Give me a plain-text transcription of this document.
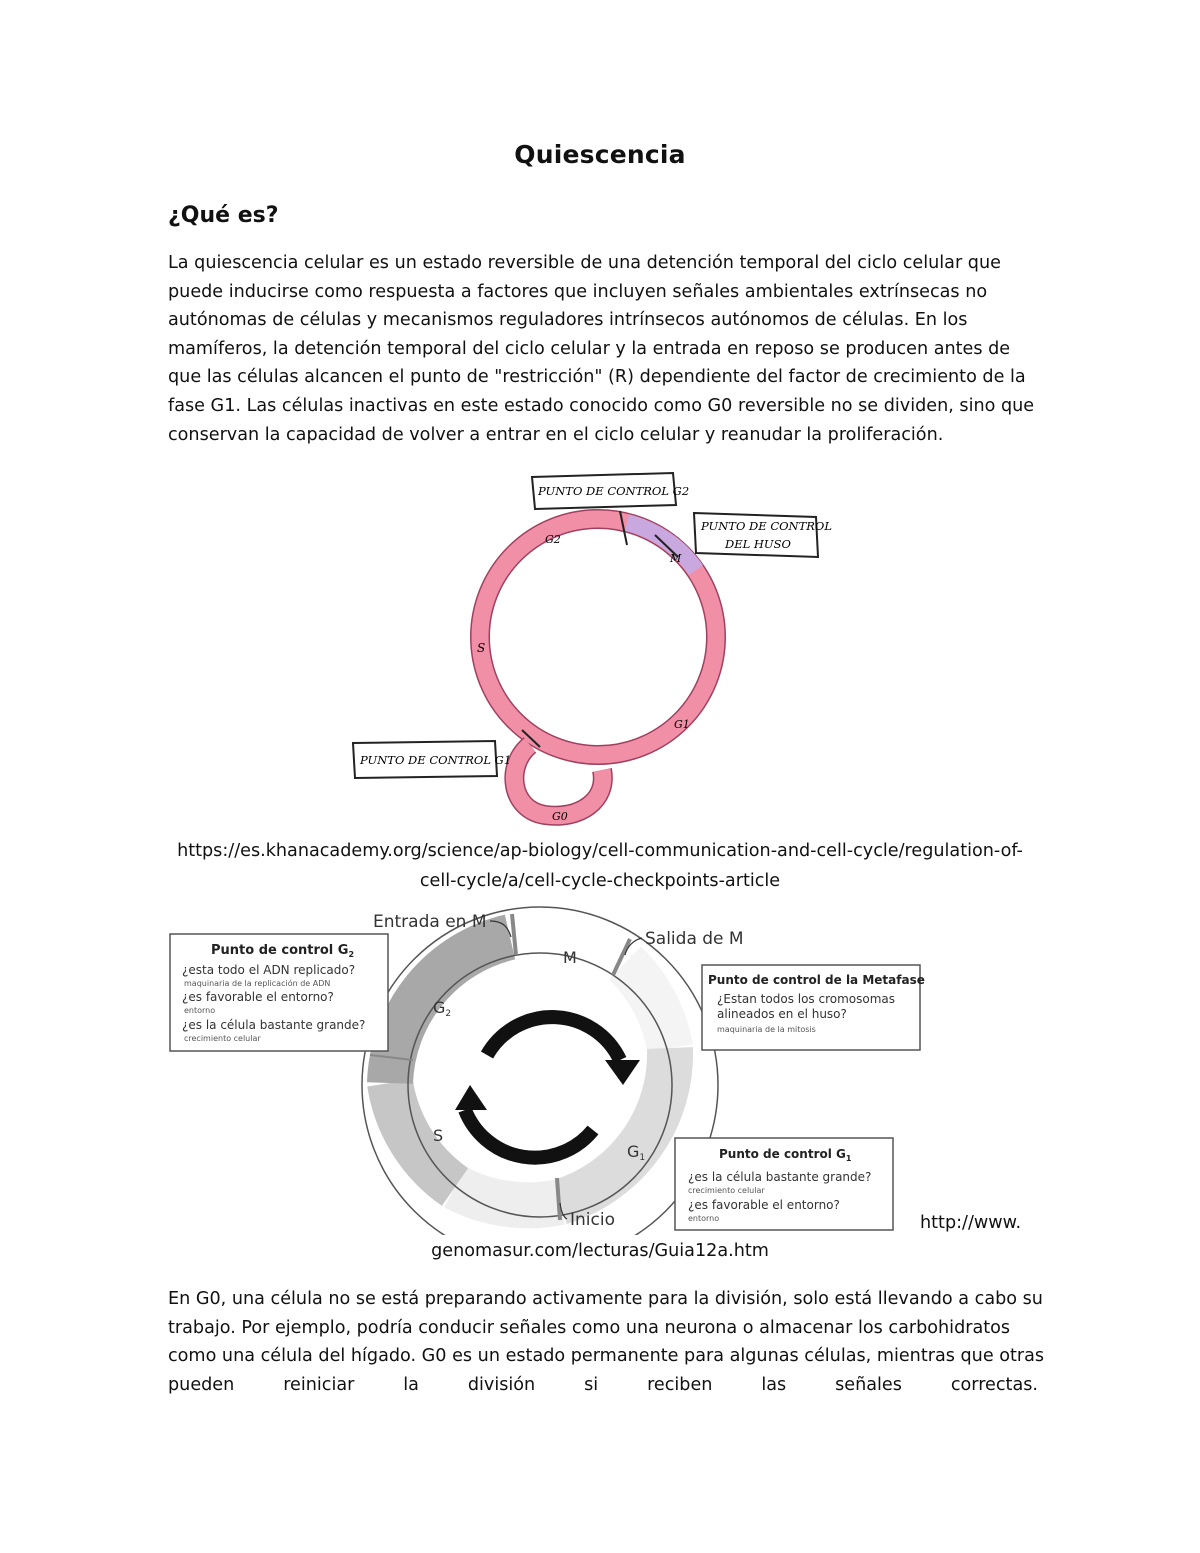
Quiescencia
¿Qué es?
La quiescencia celular es un estado reversible de una detención temporal del ciclo celular que
puede inducirse como respuesta a factores que incluyen señales ambientales extrínsecas no
autónomas de células y mecanismos reguladores intrínsecos autónomos de células. En los
mamíferos, la detención temporal del ciclo celular y la entrada en reposo se producen antes de
que las células alcancen el punto de "restricción" (R) dependiente del factor de crecimiento de la
fase G1. Las células inactivas en este estado conocido como G0 reversible no se dividen, sino que
conservan la capacidad de volver a entrar en el ciclo celular y reanudar la proliferación.
G2
M
S
G1
G0
PUNTO DE CONTROL G2
PUNTO DE CONTROL
DEL HUSO
PUNTO DE CONTROL G1
https://es.khanacademy.org/science/ap-biology/cell-communication-and-cell-cycle/regulation-of-
cell-cycle/a/cell-cycle-checkpoints-article
M
G2
S
G1
Entrada en M
Salida de M
Inicio
Punto de control $G_2$
¿esta todo el ADN replicado?
maquinaria de la replicación de ADN
¿es favorable el entorno?
entorno
¿es la célula bastante grande?
crecimiento celular
Punto de control de la Metafase
¿Estan todos los cromosomas
alineados en el huso?
maquinaria de la mitosis
Punto de control $G_1$
¿es la célula bastante grande?
crecimiento celular
¿es favorable el entorno?
entorno	http://www.
genomasur.com/lecturas/Guia12a.htm
En G0, una célula no se está preparando activamente para la división, solo está llevando a cabo su
trabajo. Por ejemplo, podría conducir señales como una neurona o almacenar los carbohidratos
como una célula del hígado. G0 es un estado permanente para algunas células, mientras que otras
pueden	reiniciar	la	división	si	reciben	las	señales	correctas.
